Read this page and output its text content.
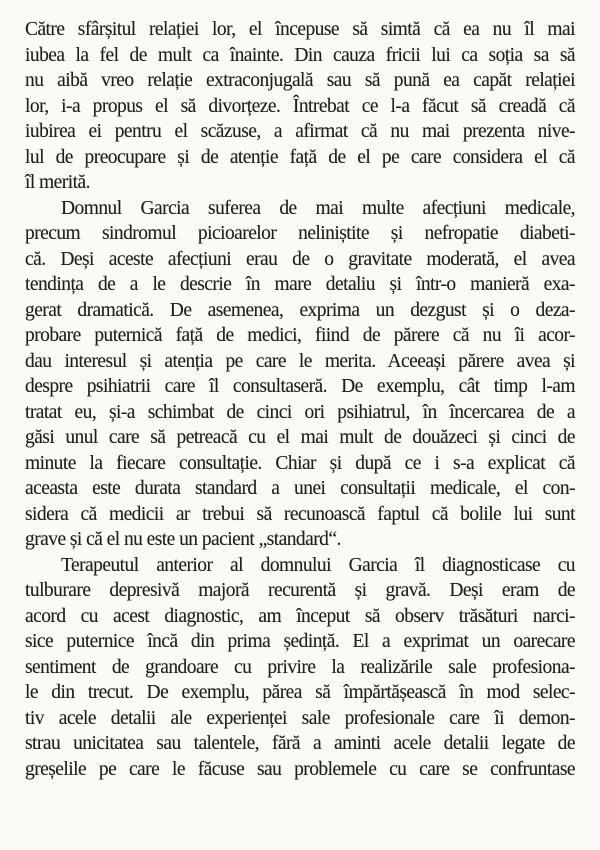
Către sfârșitul relației lor, el începuse să simtă că ea nu îl mai
iubea la fel de mult ca înainte. Din cauza fricii lui ca soția sa să
nu aibă vreo relație extraconjugală sau să pună ea capăt relației
lor, i-a propus el să divorțeze. Întrebat ce l-a făcut să creadă că
iubirea ei pentru el scăzuse, a afirmat că nu mai prezenta nive-
lul de preocupare și de atenție față de el pe care considera el că
îl merită.
Domnul Garcia suferea de mai multe afecțiuni medicale,
precum sindromul picioarelor neliniștite și nefropatie diabeti-
că. Deși aceste afecțiuni erau de o gravitate moderată, el avea
tendința de a le descrie în mare detaliu și într-o manieră exa-
gerat dramatică. De asemenea, exprima un dezgust și o deza-
probare puternică față de medici, fiind de părere că nu îi acor-
dau interesul și atenția pe care le merita. Aceeași părere avea și
despre psihiatrii care îl consultaseră. De exemplu, cât timp l-am
tratat eu, și-a schimbat de cinci ori psihiatrul, în încercarea de a
găsi unul care să petreacă cu el mai mult de douăzeci și cinci de
minute la fiecare consultație. Chiar și după ce i s-a explicat că
aceasta este durata standard a unei consultații medicale, el con-
sidera că medicii ar trebui să recunoască faptul că bolile lui sunt
grave și că el nu este un pacient „standard“.
Terapeutul anterior al domnului Garcia îl diagnosticase cu
tulburare depresivă majoră recurentă și gravă. Deși eram de
acord cu acest diagnostic, am început să observ trăsături narci-
sice puternice încă din prima ședință. El a exprimat un oarecare
sentiment de grandoare cu privire la realizările sale profesiona-
le din trecut. De exemplu, părea să împărtășească în mod selec-
tiv acele detalii ale experienței sale profesionale care îi demon-
strau unicitatea sau talentele, fără a aminti acele detalii legate de
greșelile pe care le făcuse sau problemele cu care se confruntase
